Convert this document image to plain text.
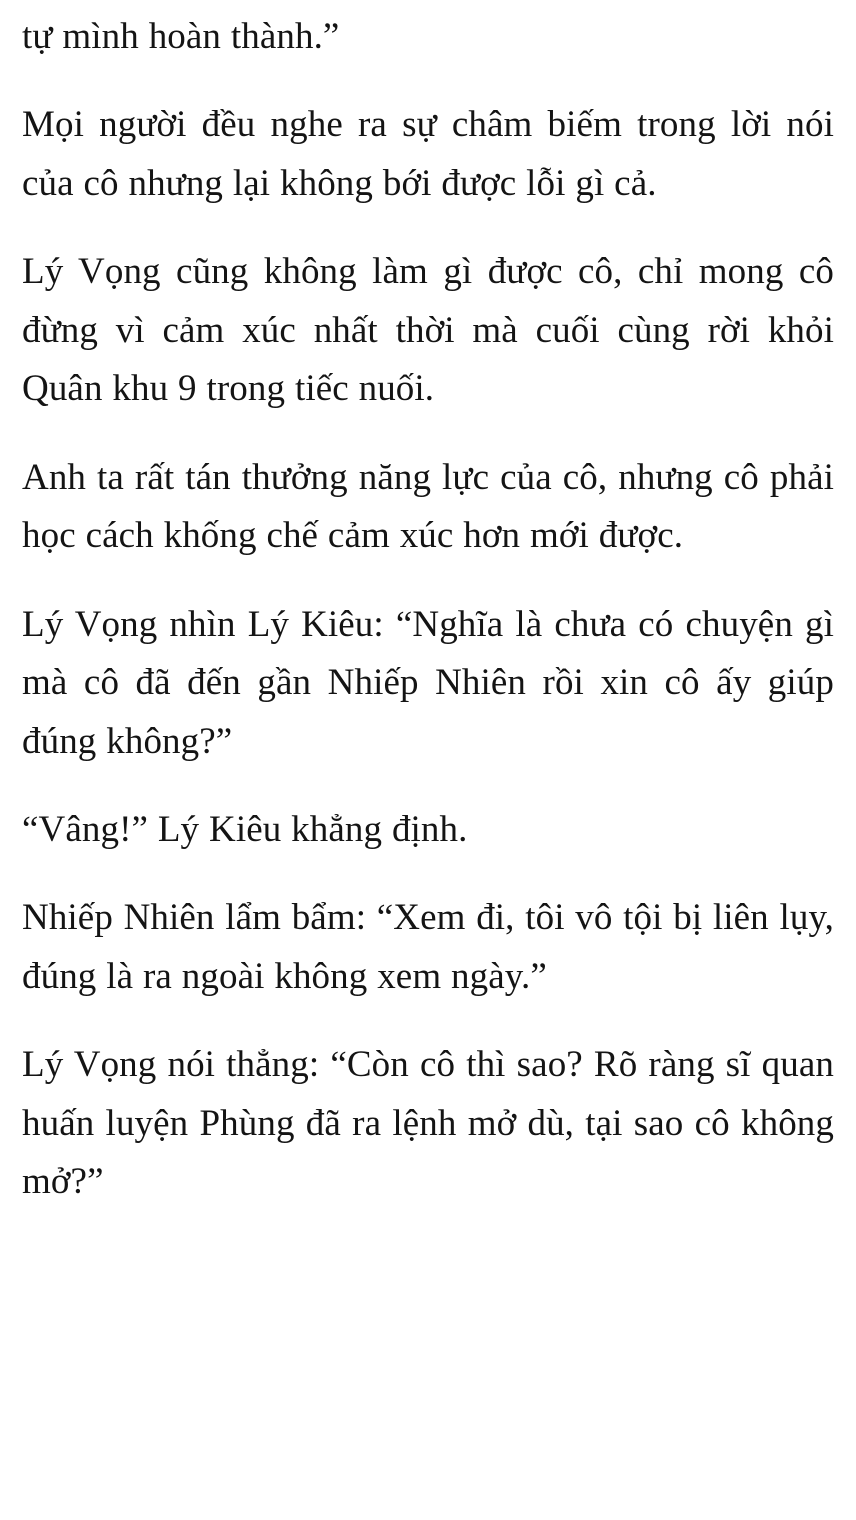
tự mình hoàn thành.”

Mọi người đều nghe ra sự châm biếm trong lời nói của cô nhưng lại không bới được lỗi gì cả.

Lý Vọng cũng không làm gì được cô, chỉ mong cô đừng vì cảm xúc nhất thời mà cuối cùng rời khỏi Quân khu 9 trong tiếc nuối.

Anh ta rất tán thưởng năng lực của cô, nhưng cô phải học cách khống chế cảm xúc hơn mới được.

Lý Vọng nhìn Lý Kiêu: “Nghĩa là chưa có chuyện gì mà cô đã đến gần Nhiếp Nhiên rồi xin cô ấy giúp đúng không?”

“Vâng!” Lý Kiêu khẳng định.

Nhiếp Nhiên lẩm bẩm: “Xem đi, tôi vô tội bị liên lụy, đúng là ra ngoài không xem ngày.”

Lý Vọng nói thẳng: “Còn cô thì sao? Rõ ràng sĩ quan huấn luyện Phùng đã ra lệnh mở dù, tại sao cô không mở?”
